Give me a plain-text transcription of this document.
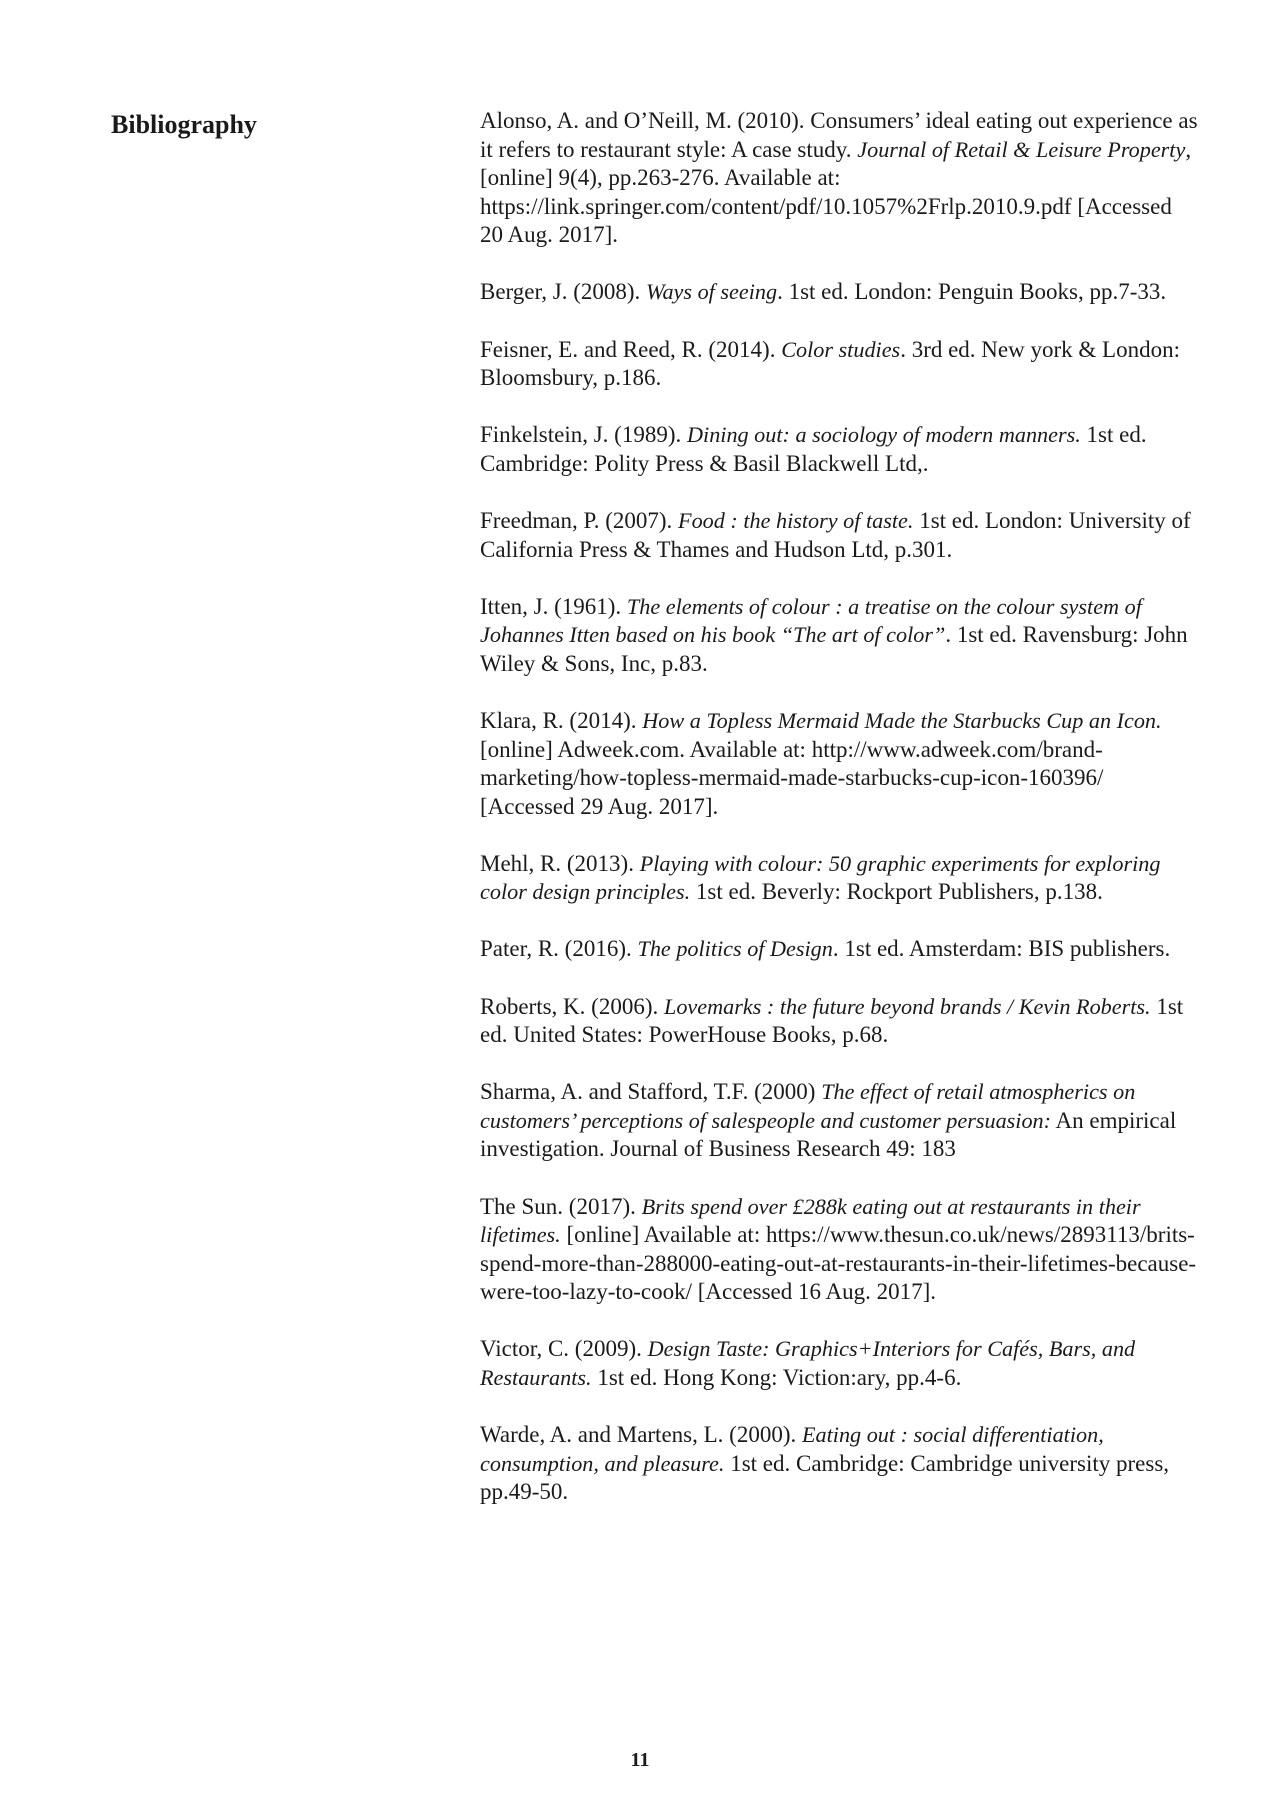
Bibliography	Alonso, A. and O’Neill, M. (2010). Consumers’ ideal eating out experience as it refers to restaurant style: A case study. Journal of Retail & Leisure Property, [online] 9(4), pp.263-276. Available at: https://link.springer.com/content/pdf/10.1057%2Frlp.2010.9.pdf [Accessed 20 Aug. 2017].

Berger, J. (2008). Ways of seeing. 1st ed. London: Penguin Books, pp.7-33.

Feisner, E. and Reed, R. (2014). Color studies. 3rd ed. New york & London: Bloomsbury, p.186.

Finkelstein, J. (1989). Dining out: a sociology of modern manners. 1st ed. Cambridge: Polity Press & Basil Blackwell Ltd,.

Freedman, P. (2007). Food : the history of taste. 1st ed. London: University of California Press & Thames and Hudson Ltd, p.301.

Itten, J. (1961). The elements of colour : a treatise on the colour system of Johannes Itten based on his book “The art of color”. 1st ed. Ravensburg: John Wiley & Sons, Inc, p.83.

Klara, R. (2014). How a Topless Mermaid Made the Starbucks Cup an Icon. [online] Adweek.com. Available at: http://www.adweek.com/brand-marketing/how-topless-mermaid-made-starbucks-cup-icon-160396/ [Accessed 29 Aug. 2017].

Mehl, R. (2013). Playing with colour: 50 graphic experiments for exploring color design principles. 1st ed. Beverly: Rockport Publishers, p.138.

Pater, R. (2016). The politics of Design. 1st ed. Amsterdam: BIS publishers.

Roberts, K. (2006). Lovemarks : the future beyond brands / Kevin Roberts. 1st ed. United States: PowerHouse Books, p.68.

Sharma, A. and Stafford, T.F. (2000) The effect of retail atmospherics on customers’ perceptions of salespeople and customer persuasion: An empirical investigation. Journal of Business Research 49: 183

The Sun. (2017). Brits spend over £288k eating out at restaurants in their lifetimes. [online] Available at: https://www.thesun.co.uk/news/2893113/brits-spend-more-than-288000-eating-out-at-restaurants-in-their-lifetimes-because-were-too-lazy-to-cook/ [Accessed 16 Aug. 2017].

Victor, C. (2009). Design Taste: Graphics+Interiors for Cafés, Bars, and Restaurants. 1st ed. Hong Kong: Viction:ary, pp.4-6.

Warde, A. and Martens, L. (2000). Eating out : social differentiation, consumption, and pleasure. 1st ed. Cambridge: Cambridge university press, pp.49-50.

11
